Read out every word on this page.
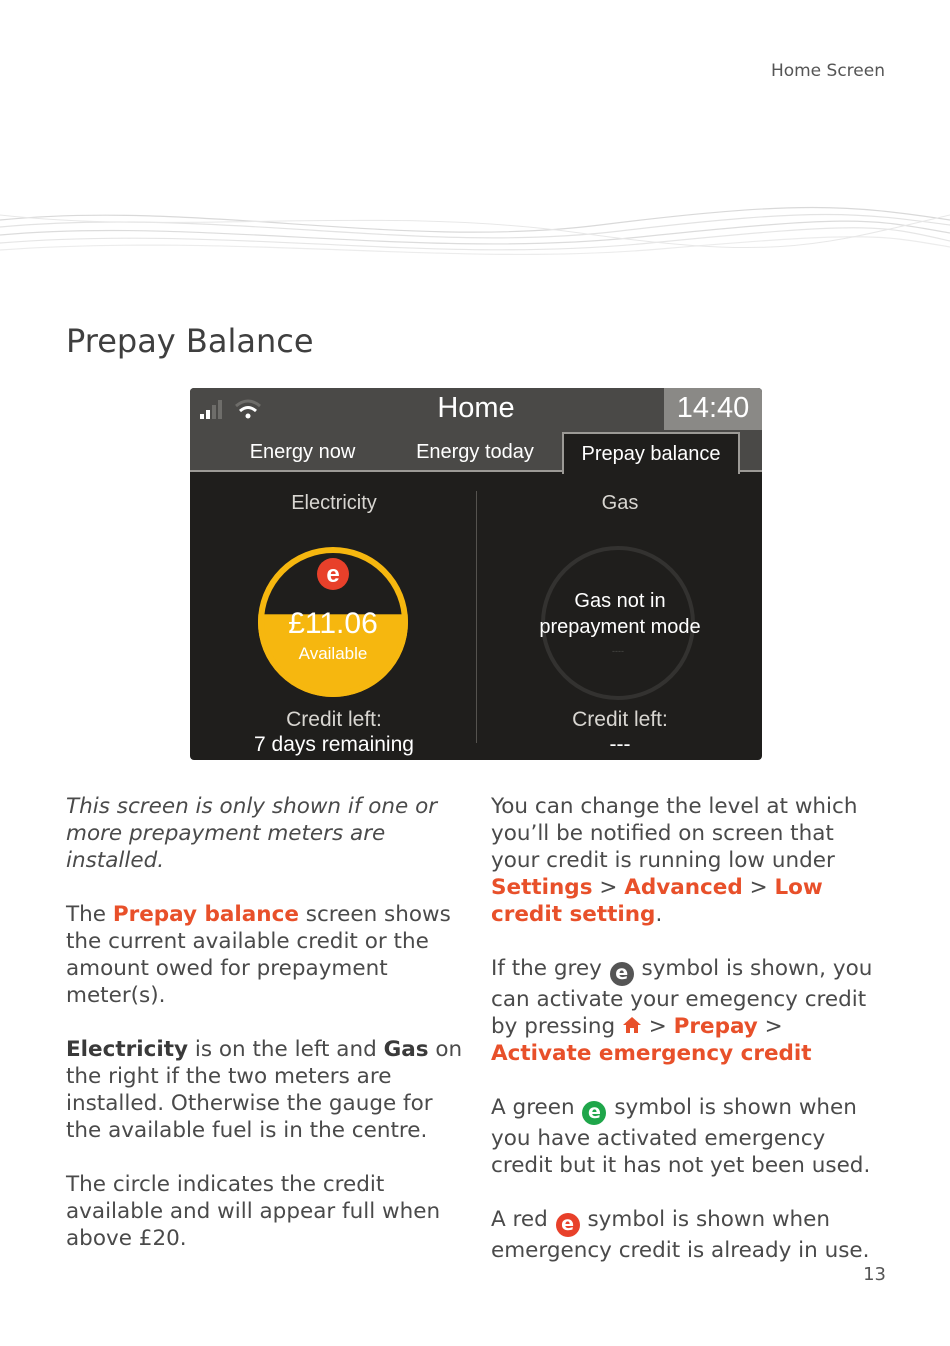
Home Screen
Prepay Balance
Home	14:40
Energy now	Energy today	Prepay balance
Electricity	Gas
e
£11.06
Available
Gas not in
prepayment mode
----
Credit left:
7 days remaining
Credit left:
---

This screen is only shown if one or more prepayment meters are installed.

The Prepay balance screen shows the current available credit or the amount owed for prepayment meter(s).

Electricity is on the left and Gas on the right if the two meters are installed. Otherwise the gauge for the available fuel is in the centre.

The circle indicates the credit available and will appear full when above £20.

You can change the level at which you’ll be notified on screen that your credit is running low under Settings > Advanced > Low credit setting.

If the grey e symbol is shown, you can activate your emegency credit by pressing  > Prepay > Activate emergency credit

A green e symbol is shown when you have activated emergency credit but it has not yet been used.

A red e symbol is shown when emergency credit is already in use.

13
